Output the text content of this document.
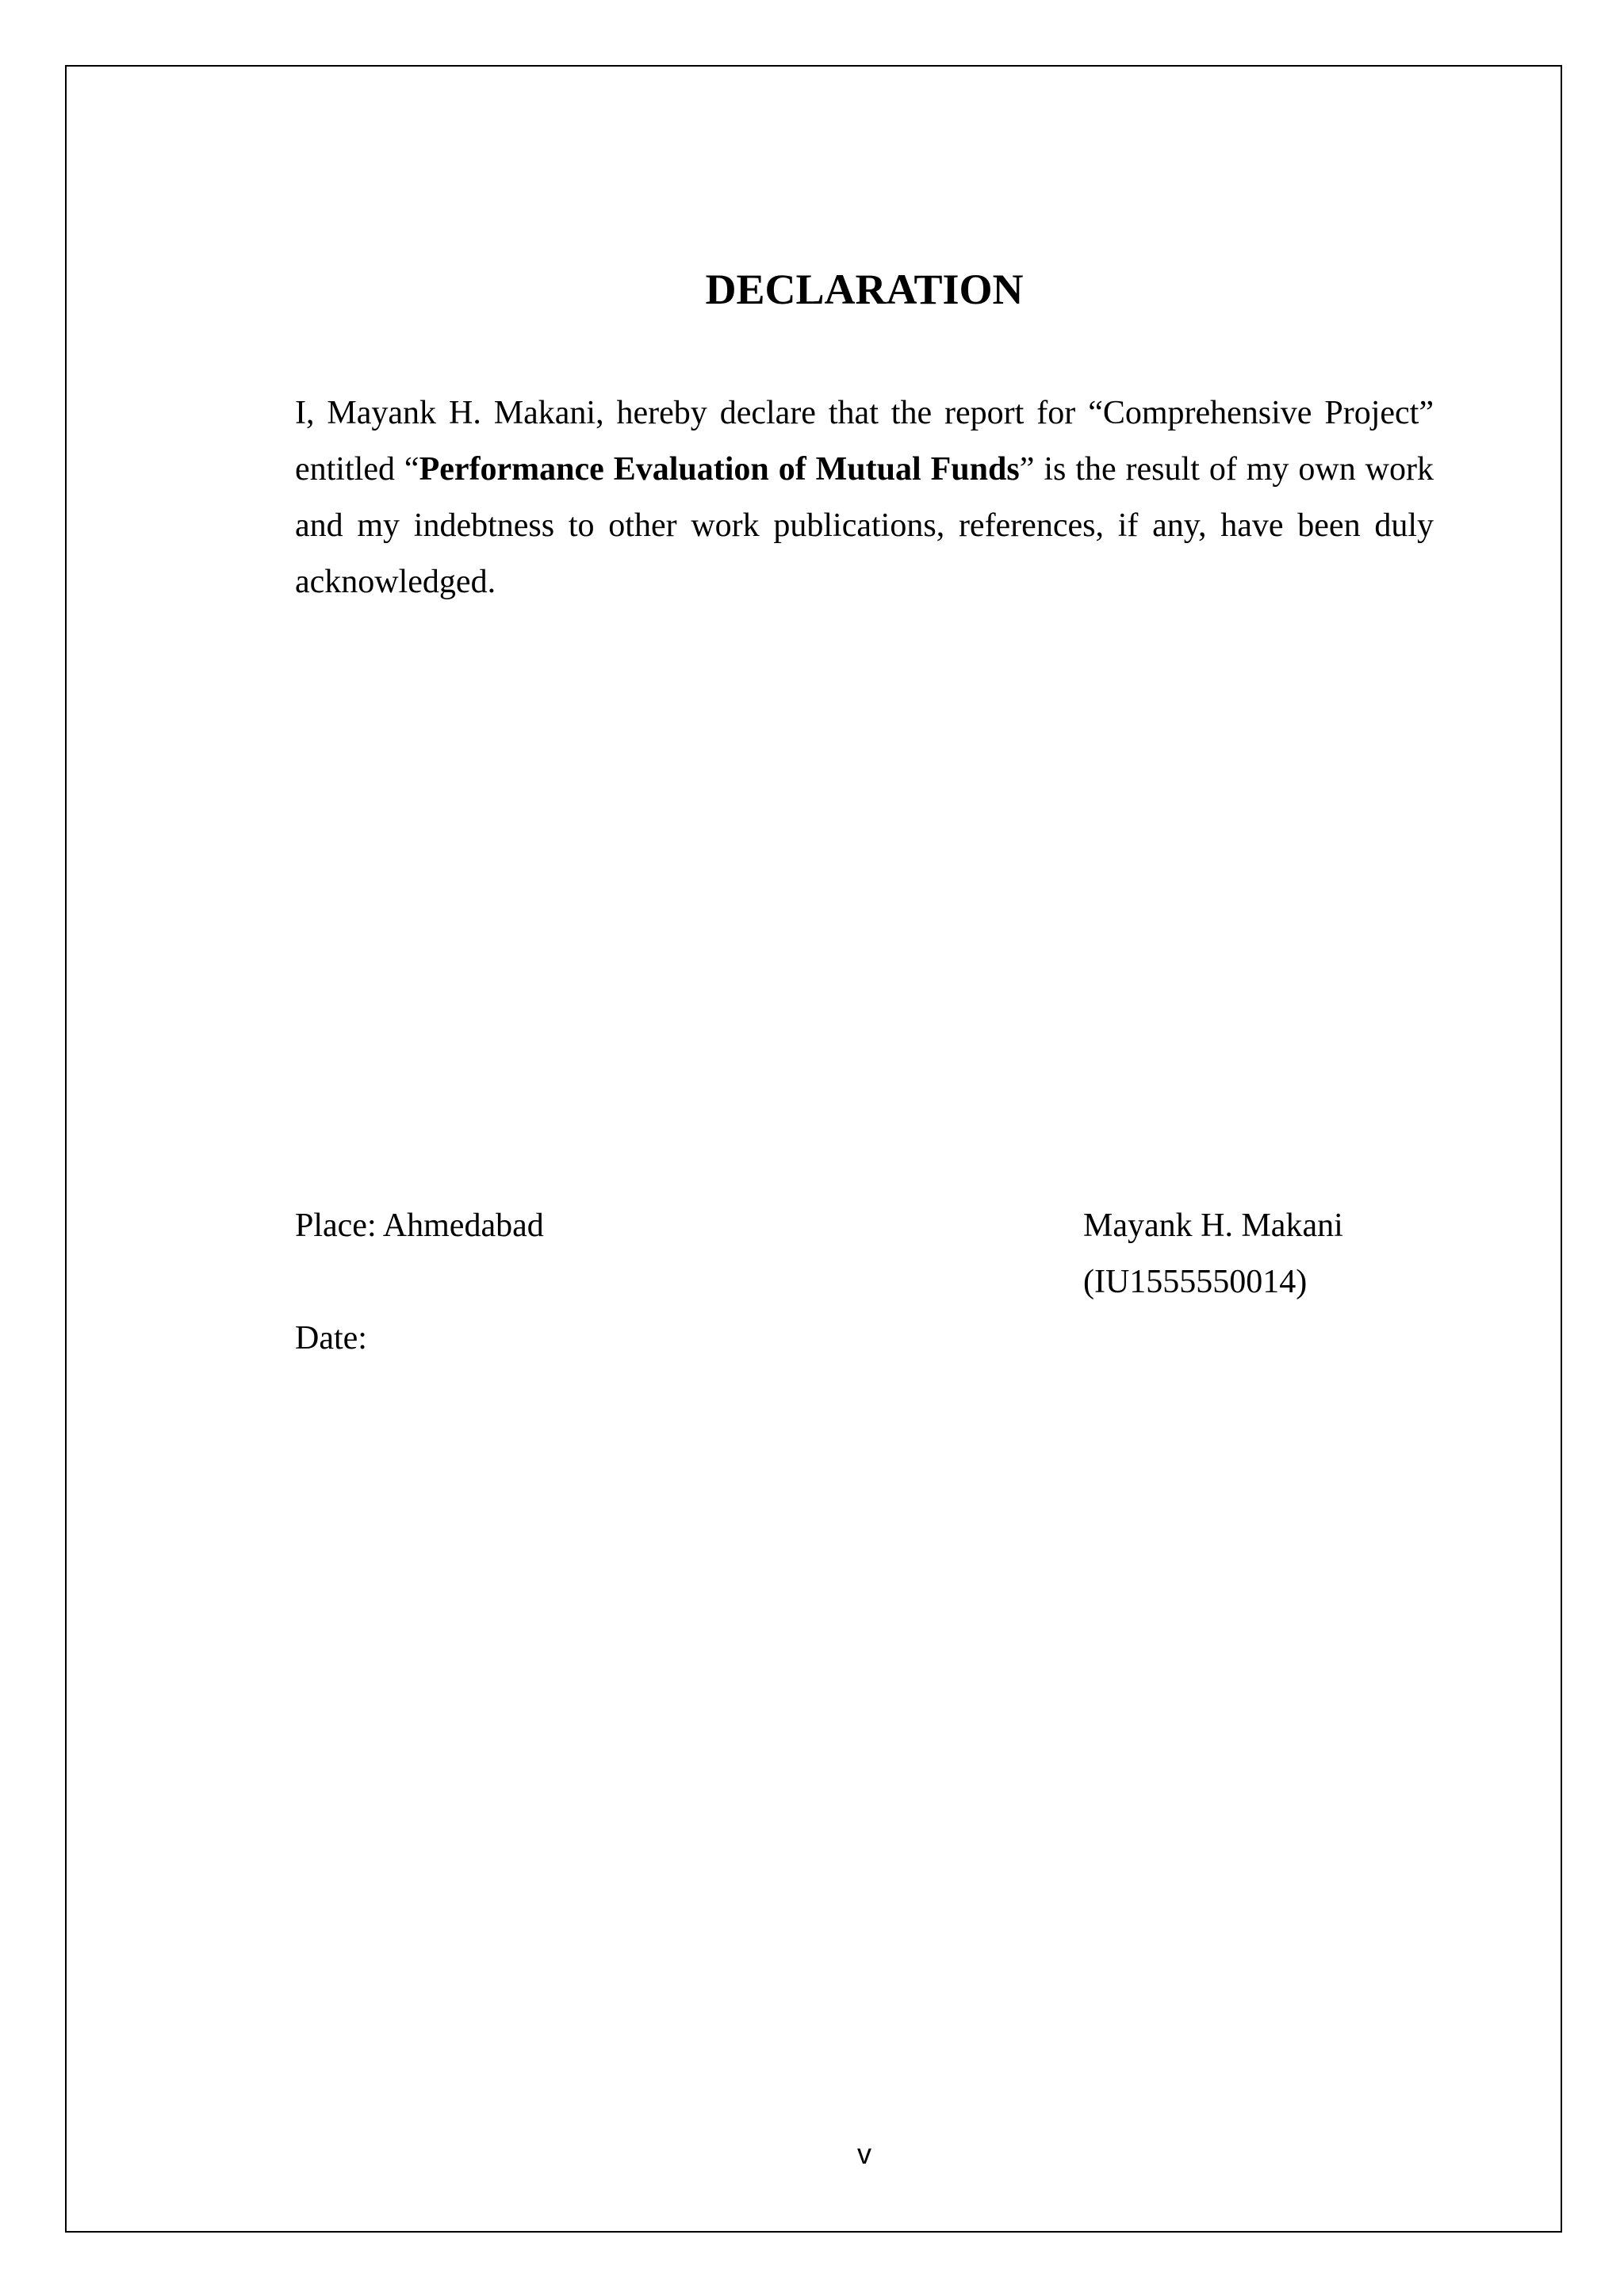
DECLARATION

I, Mayank H. Makani, hereby declare that the report for “Comprehensive Project” entitled “Performance Evaluation of Mutual Funds” is the result of my own work and my indebtness to other work publications, references, if any, have been duly acknowledged.

Place: Ahmedabad	Mayank H. Makani
(IU1555550014)

Date:

v
